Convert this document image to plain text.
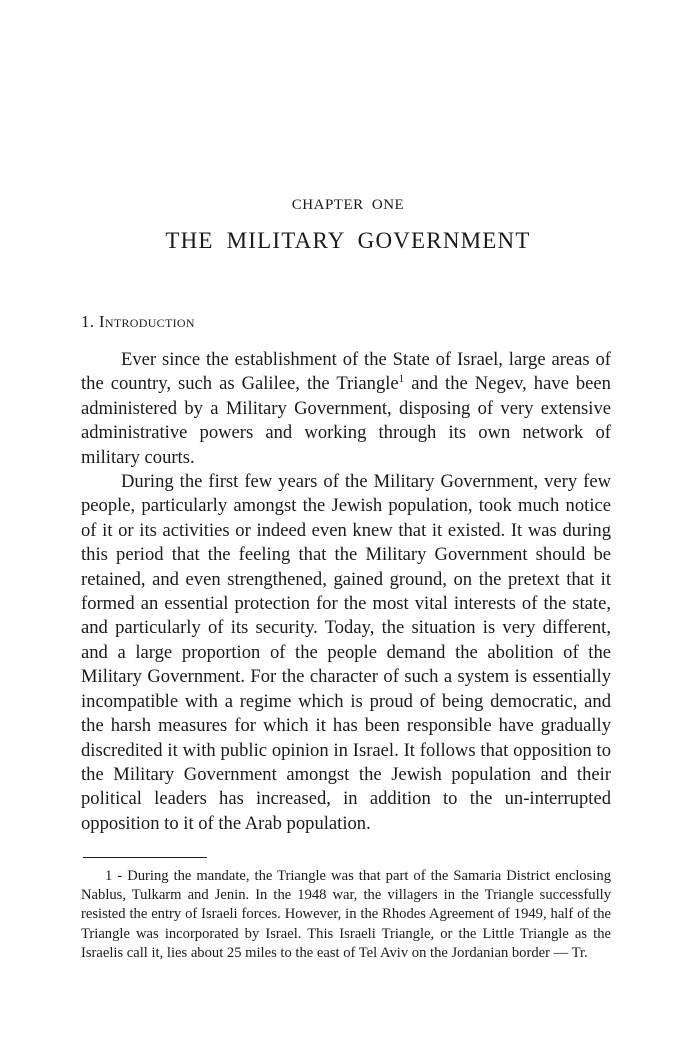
CHAPTER ONE
THE MILITARY GOVERNMENT
1. Introduction

Ever since the establishment of the State of Israel, large areas of the country, such as Galilee, the Triangle$^1$ and the Negev, have been administered by a Military Government, disposing of very extensive administrative powers and working through its own network of military courts.

During the first few years of the Military Government, very few people, particularly amongst the Jewish population, took much notice of it or its activities or indeed even knew that it existed. It was during this period that the feeling that the Military Government should be retained, and even strengthened, gained ground, on the pretext that it formed an essential protection for the most vital interests of the state, and particularly of its security. Today, the situation is very different, and a large proportion of the people demand the abolition of the Military Government. For the character of such a system is essentially incompatible with a regime which is proud of being democratic, and the harsh measures for which it has been responsible have gradually discredited it with public opinion in Israel. It follows that opposition to the Military Government amongst the Jewish population and their political leaders has increased, in addition to the un-interrupted opposition to it of the Arab population.

1 - During the mandate, the Triangle was that part of the Samaria District enclosing Nablus, Tulkarm and Jenin. In the 1948 war, the villagers in the Triangle successfully resisted the entry of Israeli forces. However, in the Rhodes Agreement of 1949, half of the Triangle was incorporated by Israel. This Israeli Triangle, or the Little Triangle as the Israelis call it, lies about 25 miles to the east of Tel Aviv on the Jordanian border — Tr.
